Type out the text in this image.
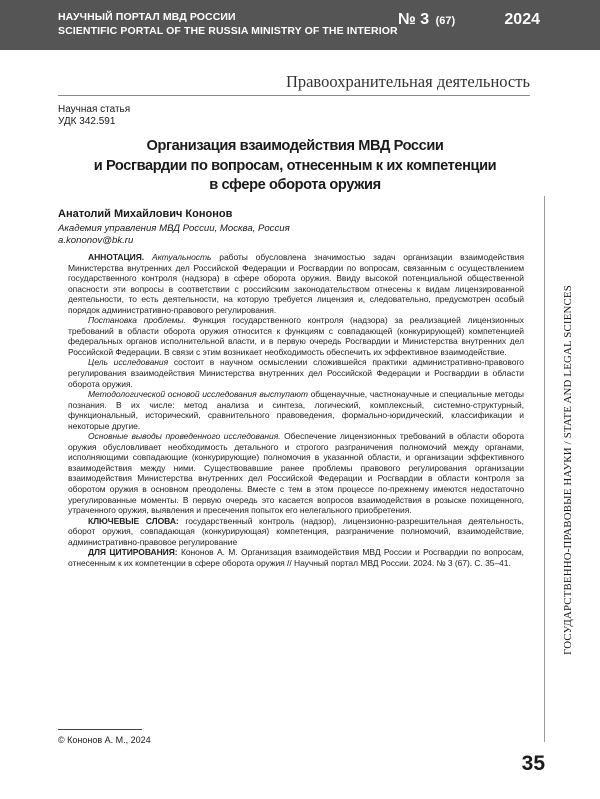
НАУЧНЫЙ ПОРТАЛ МВД РОССИИ
SCIENTIFIC PORTAL OF THE RUSSIA MINISTRY OF THE INTERIOR
№ 3 (67)	2024
Правоохранительная деятельность
Научная статья
УДК 342.591
Организация взаимодействия МВД России
и Росгвардии по вопросам, отнесенным к их компетенции
в сфере оборота оружия
Анатолий Михайлович Кононов
Академия управления МВД России, Москва, Россия
a.kononov@bk.ru

АННОТАЦИЯ. Актуальность работы обусловлена значимостью задач организации взаимодействия Министерства внутренних дел Российской Федерации и Росгвардии по вопросам, связанным с осуществлением государственного контроля (надзора) в сфере оборота оружия. Ввиду высокой потенциальной общественной опасности эти вопросы в соответствии с российским законодательством отнесены к видам лицензированной деятельности, то есть деятельности, на которую требуется лицензия и, следовательно, предусмотрен особый порядок административно-правового регулирования.

Постановка проблемы. Функция государственного контроля (надзора) за реализацией лицензионных требований в области оборота оружия относится к функциям с совпадающей (конкурирующей) компетенцией федеральных органов исполнительной власти, и в первую очередь Росгвардии и Министерства внутренних дел Российской Федерации. В связи с этим возникает необходимость обеспечить их эффективное взаимодействие.

Цель исследования состоит в научном осмыслении сложившейся практики административно-правового регулирования взаимодействия Министерства внутренних дел Российской Федерации и Росгвардии в области оборота оружия.

Методологической основой исследования выступают общенаучные, частнонаучные и специальные методы познания. В их числе: метод анализа и синтеза, логический, комплексный, системно-структурный, функциональный, исторический, сравнительного правоведения, формально-юридический, классификации и некоторые другие.

Основные выводы проведенного исследования. Обеспечение лицензионных требований в области оборота оружия обусловливает необходимость детального и строгого разграничения полномочий между органами, исполняющими совпадающие (конкурирующие) полномочия в указанной области, и организации эффективного взаимодействия между ними. Существовавшие ранее проблемы правового регулирования организации взаимодействия Министерства внутренних дел Российской Федерации и Росгвардии в области контроля за оборотом оружия в основном преодолены. Вместе с тем в этом процессе по-прежнему имеются недостаточно урегулированные моменты. В первую очередь это касается вопросов взаимодействия в розыске похищенного, утраченного оружия, выявления и пресечения попыток его нелегального приобретения.

КЛЮЧЕВЫЕ СЛОВА: государственный контроль (надзор), лицензионно-разрешительная деятельность, оборот оружия, совпадающая (конкурирующая) компетенция, разграничение полномочий, взаимодействие, административно-правовое регулирование

ДЛЯ ЦИТИРОВАНИЯ: Кононов А. М. Организация взаимодействия МВД России и Росгвардии по вопросам, отнесенным к их компетенции в сфере оборота оружия // Научный портал МВД России. 2024. № 3 (67). С. 35–41.	ГОСУДАРСТВЕННО-ПРАВОВЫЕ НАУКИ / STATE AND LEGAL SCIENCES
© Кононов А. М., 2024
35
